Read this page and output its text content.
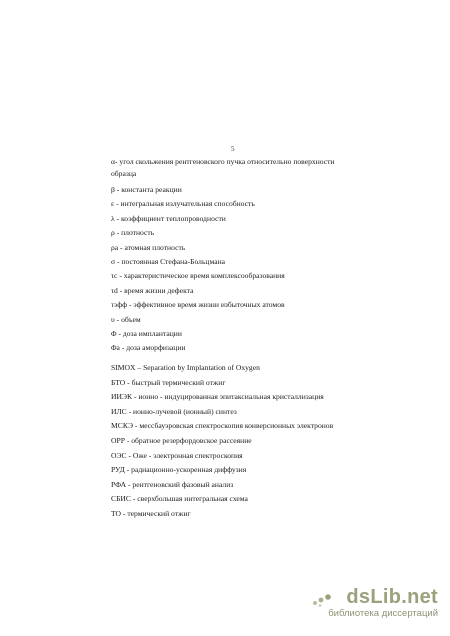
5
α- угол скольжения рентгеновского пучка относительно поверхности
образца
β - константа реакции
ε - интегральная излучательная способность
λ - коэффициент теплопроводности
ρ - плотность
ρa - атомная плотность
σ - постоянная Стефана-Больцмана
τc - характеристическое время комплексообразования
τd - время жизни дефекта
τэфф - эффективное время жизни избыточных атомов
υ - объем
Φ - доза имплантации
Φa - доза аморфизации
SIMOX – Separation by Implantation of Oxygen
БТО - быстрый термический отжиг
ИИЭК - ионно - индуцированная эпитаксиальная кристаллизация
ИЛС - ионно-лучевой (ионный) синтез
МСКЭ - мессбауэровская спектроскопия конверсионных электронов
ОРР - обратное резерфордовское рассеяние
ОЭС - Оже - электронная спектроскопия
РУД - радиационно-ускоренная диффузия
РФА - рентгеновский фазовый анализ
СБИС - сверхбольшая интегральная схема
ТО - термический отжиг
dsLib.net
библиотека диссертаций
